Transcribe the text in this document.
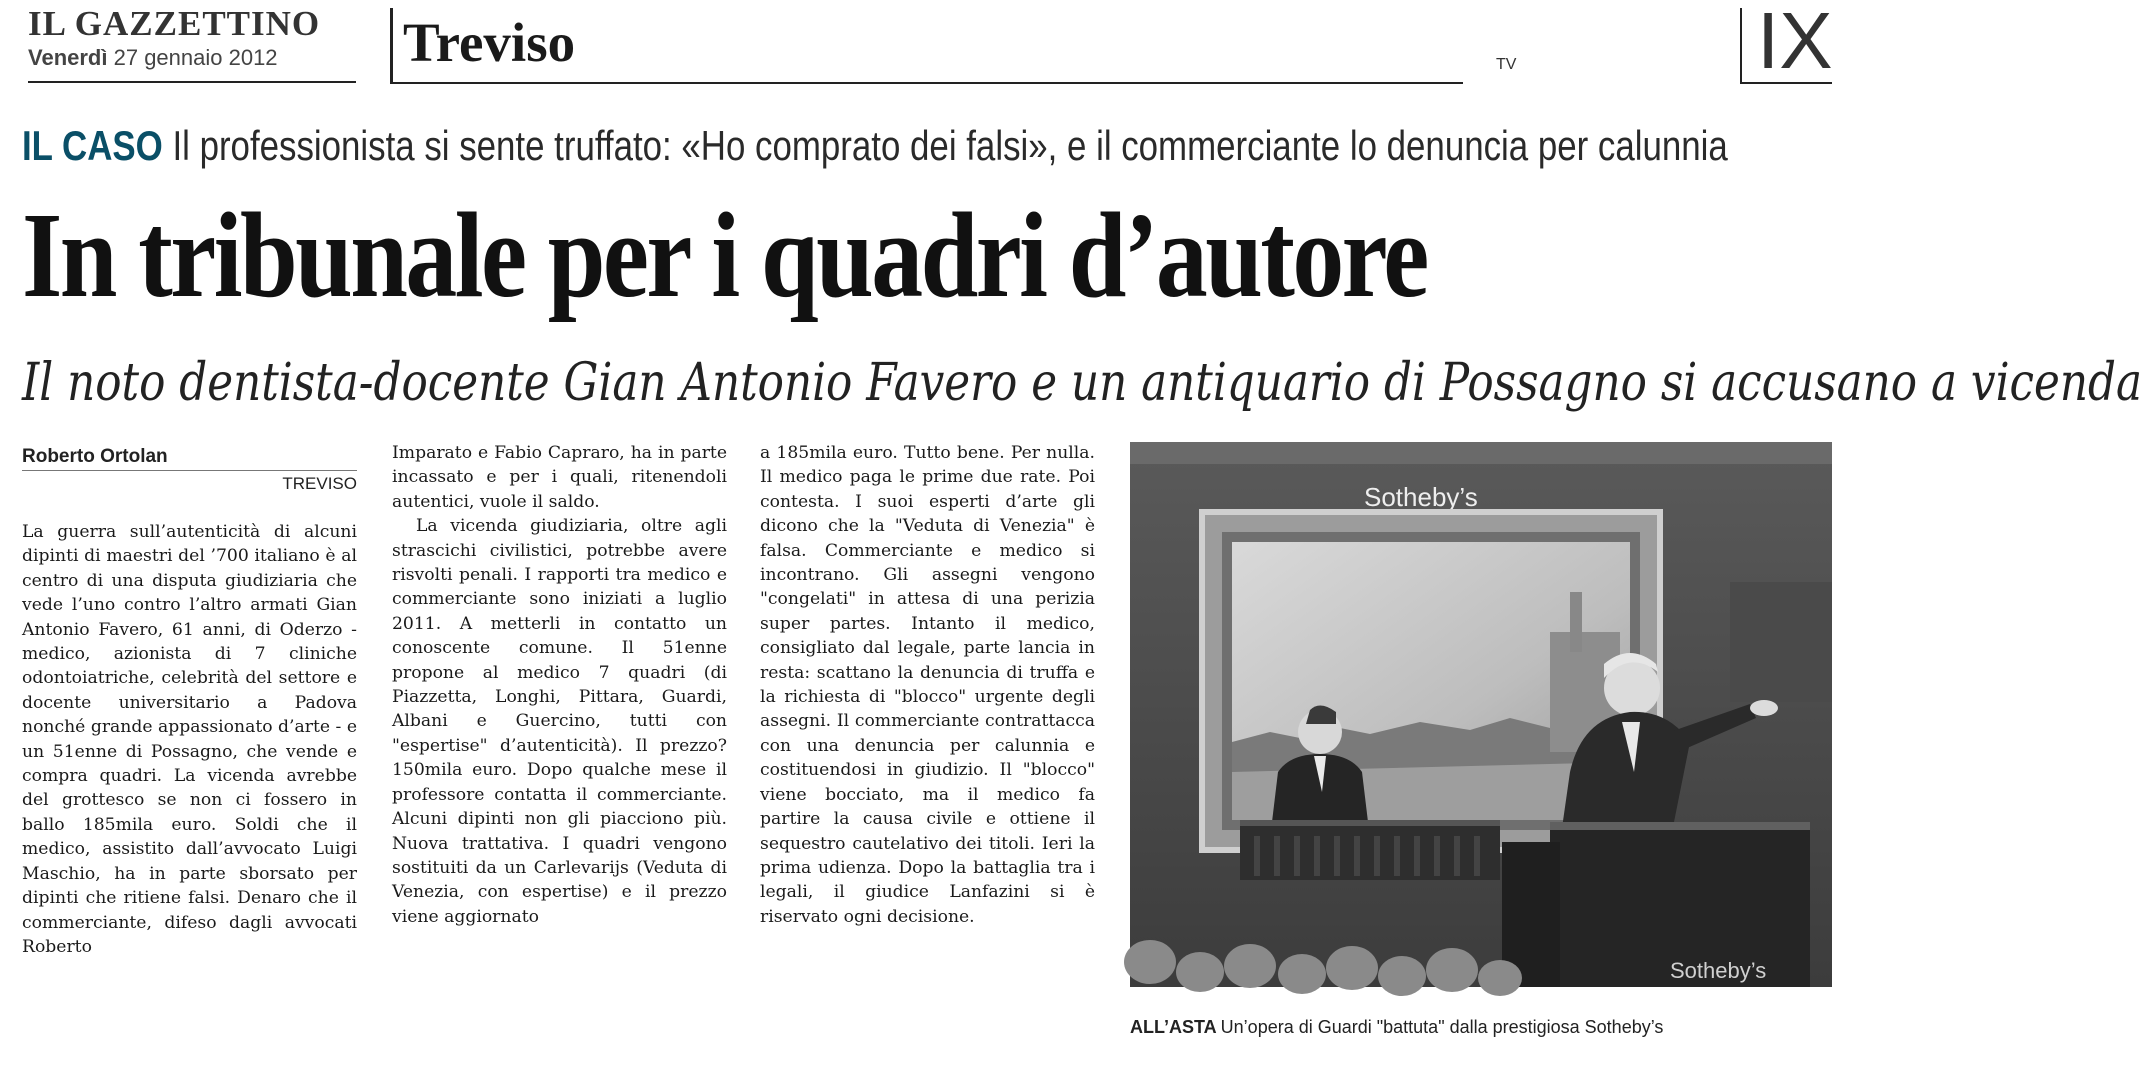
IL GAZZETTINO
Venerdì 27 gennaio 2012	Treviso	TV	IX
IL CASO Il professionista si sente truffato: «Ho comprato dei falsi», e il commerciante lo denuncia per calunnia
In tribunale per i quadri d’autore
Il noto dentista-docente Gian Antonio Favero e un antiquario di Possagno si accusano a vicenda
Roberto Ortolan
TREVISO

La guerra sull’autenticità di alcuni dipinti di maestri del ’700 italiano è al centro di una disputa giudiziaria che vede l’uno contro l’altro armati Gian Antonio Favero, 61 anni, di Oderzo - medico, azionista di 7 cliniche odontoiatriche, celebrità del settore e docente universitario a Padova nonché grande appassionato d’arte - e un 51enne di Possagno, che vende e compra quadri. La vicenda avrebbe del grottesco se non ci fossero in ballo 185mila euro. Soldi che il medico, assistito dall’avvocato Luigi Maschio, ha in parte sborsato per dipinti che ritiene falsi. Denaro che il commerciante, difeso dagli avvocati Roberto

Imparato e Fabio Capraro, ha in parte incassato e per i quali, ritenendoli autentici, vuole il saldo.

La vicenda giudiziaria, oltre agli strascichi civilistici, potrebbe avere risvolti penali. I rapporti tra medico e commerciante sono iniziati a luglio 2011. A metterli in contatto un conoscente comune. Il 51enne propone al medico 7 quadri (di Piazzetta, Longhi, Pittara, Guardi, Albani e Guercino, tutti con "espertise" d’autenticità). Il prezzo? 150mila euro. Dopo qualche mese il professore contatta il commerciante. Alcuni dipinti non gli piacciono più. Nuova trattativa. I quadri vengono sostituiti da un Carlevarijs (Veduta di Venezia, con espertise) e il prezzo viene aggiornato

a 185mila euro. Tutto bene. Per nulla. Il medico paga le prime due rate. Poi contesta. I suoi esperti d’arte gli dicono che la "Veduta di Venezia" è falsa. Commerciante e medico si incontrano. Gli assegni vengono "congelati" in attesa di una perizia super partes. Intanto il medico, consigliato dal legale, parte lancia in resta: scattano la denuncia di truffa e la richiesta di "blocco" urgente degli assegni. Il commerciante contrattacca con una denuncia per calunnia e costituendosi in giudizio. Il "blocco" viene bocciato, ma il medico fa partire la causa civile e ottiene il sequestro cautelativo dei titoli. Ieri la prima udienza. Dopo la battaglia tra i legali, il giudice Lanfazini si è riservato ogni decisione.

Sotheby’s
Sotheby’s
ALL’ASTA Un’opera di Guardi "battuta" dalla prestigiosa Sotheby’s
